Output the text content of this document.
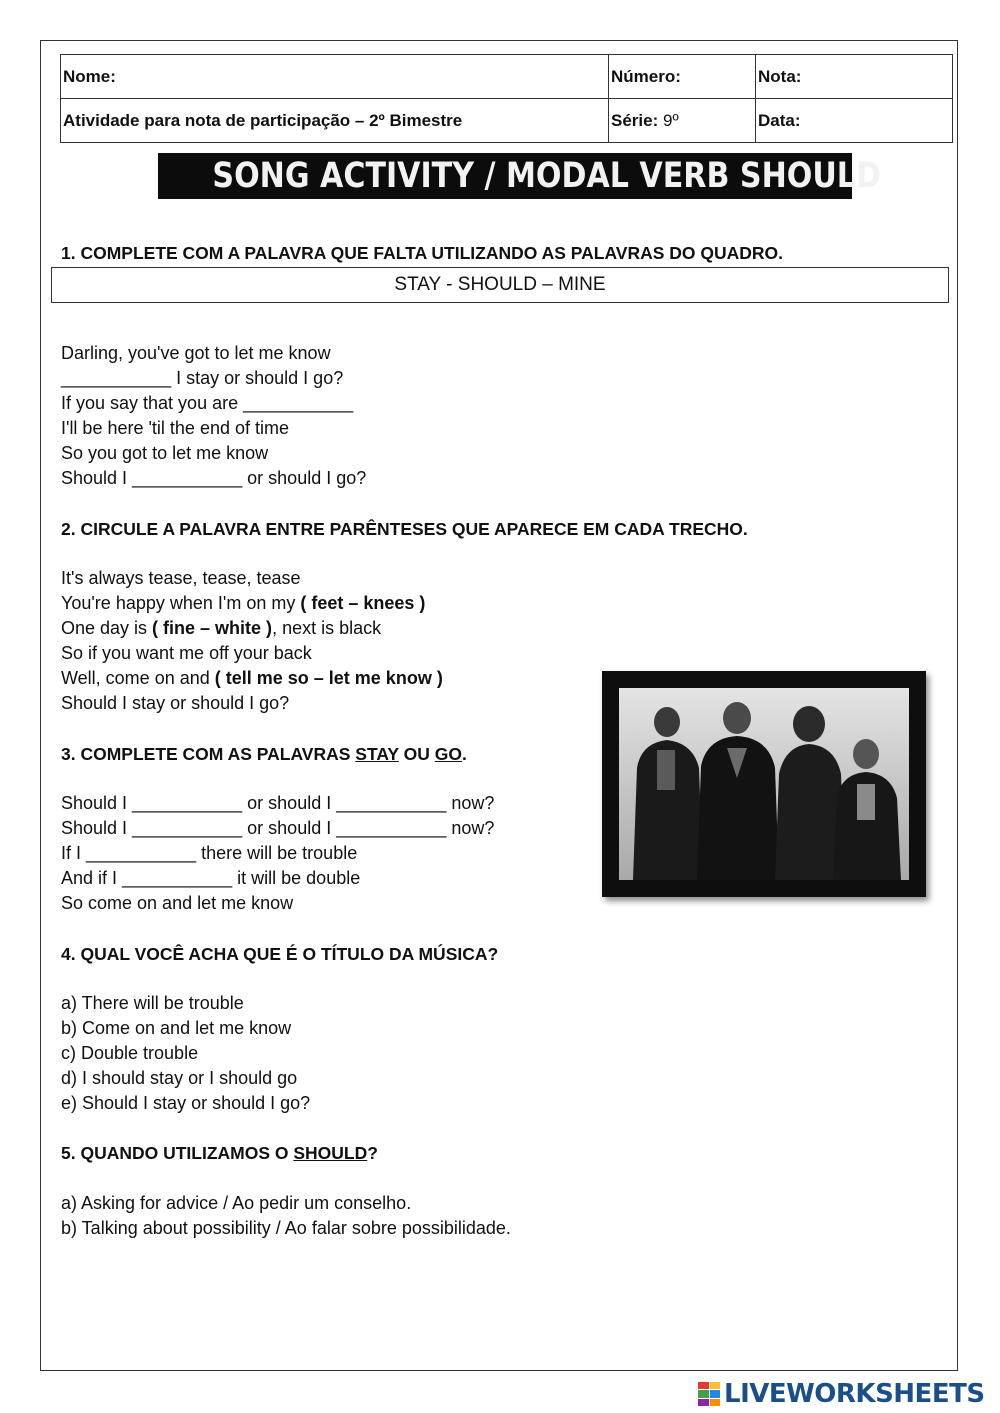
Nome:	Número:	Nota:
Atividade para nota de participação – 2º Bimestre	Série: 9º	Data:
SONG ACTIVITY / MODAL VERB SHOULD
1. COMPLETE COM A PALAVRA QUE FALTA UTILIZANDO AS PALAVRAS DO QUADRO.
STAY - SHOULD – MINE
Darling, you've got to let me know
___________ I stay or should I go?
If you say that you are ___________
I'll be here 'til the end of time
So you got to let me know
Should I ___________ or should I go?
2. CIRCULE A PALAVRA ENTRE PARÊNTESES QUE APARECE EM CADA TRECHO.
It's always tease, tease, tease
You're happy when I'm on my ( feet – knees )
One day is ( fine – white ), next is black
So if you want me off your back
Well, come on and ( tell me so – let me know )
Should I stay or should I go?
3. COMPLETE COM AS PALAVRAS STAY OU GO.
Should I ___________ or should I ___________ now?
Should I ___________ or should I ___________ now?
If I ___________ there will be trouble
And if I ___________ it will be double
So come on and let me know
4. QUAL VOCÊ ACHA QUE É O TÍTULO DA MÚSICA?
a) There will be trouble
b) Come on and let me know
c) Double trouble
d) I should stay or I should go
e) Should I stay or should I go?
5. QUANDO UTILIZAMOS O SHOULD?
a) Asking for advice / Ao pedir um conselho.
b) Talking about possibility / Ao falar sobre possibilidade.
LIVEWORKSHEETS
